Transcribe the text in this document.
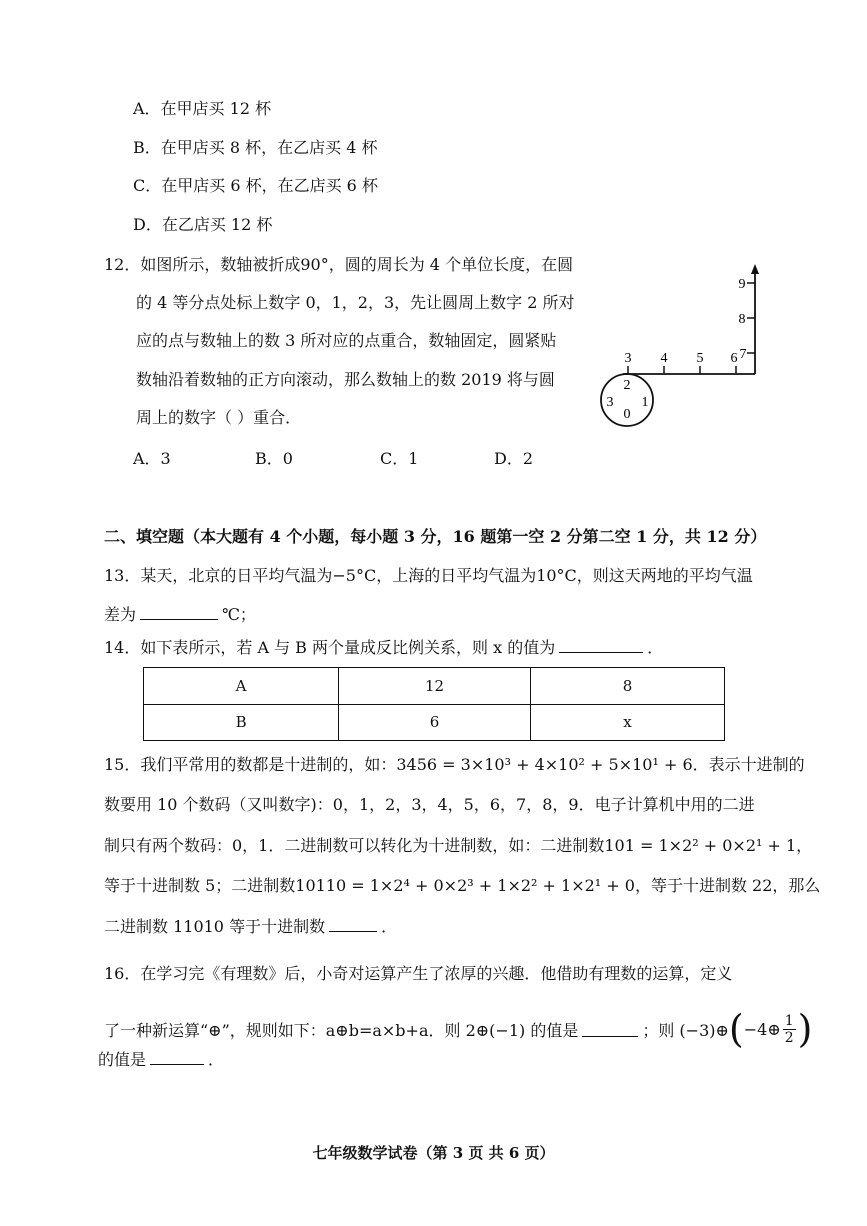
A．在甲店买 12 杯
B．在甲店买 8 杯，在乙店买 4 杯
C．在甲店买 6 杯，在乙店买 6 杯
D．在乙店买 12 杯
12．如图所示，数轴被折成90°，圆的周长为 4 个单位长度，在圆
的 4 等分点处标上数字 0，1，2，3，先让圆周上数字 2 所对
应的点与数轴上的数 3 所对应的点重合，数轴固定，圆紧贴
数轴沿着数轴的正方向滚动，那么数轴上的数 2019 将与圆
周上的数字（ ）重合．
A．3	B．0	C．1	D．2
3 4 5 6 7
8
9
2
3 1
0
二、填空题（本大题有 4 个小题，每小题 3 分，16 题第一空 2 分第二空 1 分，共 12 分）
13．某天，北京的日平均气温为−5°C，上海的日平均气温为10°C，则这天两地的平均气温
差为	℃；
14．如下表所示，若 A 与 B 两个量成反比例关系，则 x 的值为	．
A	12	8
B	6	x
15．我们平常用的数都是十进制的，如：3456 = 3×10³ + 4×10² + 5×10¹ + 6．表示十进制的
数要用 10 个数码（又叫数字)：0，1，2，3，4，5，6，7，8，9．电子计算机中用的二进
制只有两个数码：0，1．二进制数可以转化为十进制数，如：二进制数101 = 1×2² + 0×2¹ + 1，
等于十进制数 5；二进制数10110 = 1×2⁴ + 0×2³ + 1×2² + 1×2¹ + 0，等于十进制数 22，那么
二进制数 11010 等于十进制数	．
16．在学习完《有理数》后，小奇对运算产生了浓厚的兴趣．他借助有理数的运算，定义
了一种新运算“⊕”，规则如下：a⊕b=a×b+a．则 2⊕(−1) 的值是	；则 (−3)⊕ ( −4⊕ 1
2 )
的值是	．
七年级数学试卷（第 3 页 共 6 页）
